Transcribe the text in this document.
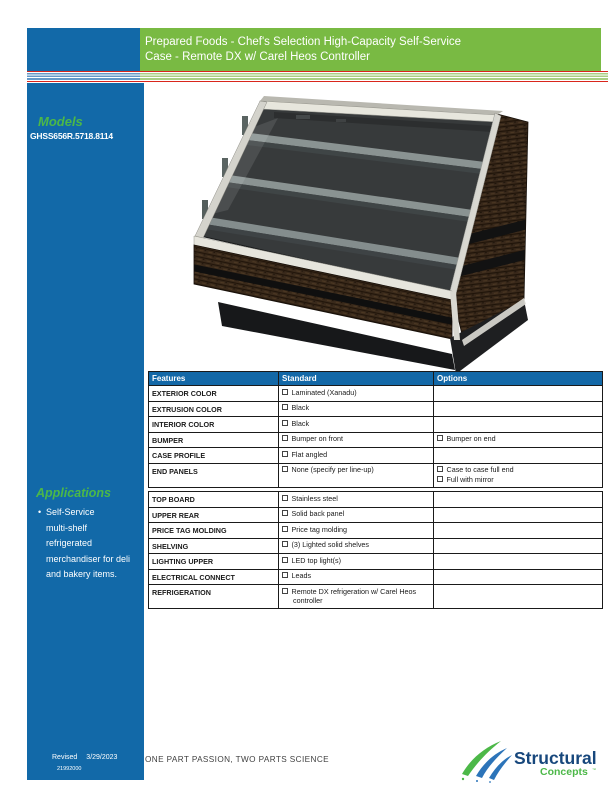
Prepared Foods - Chef's Selection High-Capacity Self-Service
Case - Remote DX w/ Carel Heos Controller
Models
GHSS656R.5718.8114
Applications
• Self-Service
multi-shelf
refrigerated
merchandiser for deli
and bakery items.
Features	Standard	Options
EXTERIOR COLOR	Laminated (Xanadu)	

EXTRUSION COLOR	Black	

INTERIOR COLOR	Black	

BUMPER	Bumper on front	Bumper on end

CASE PROFILE	Flat angled	

END PANELS	None (specify per line-up)	Case to case full end
Full with mirror
TOP BOARD	Stainless steel	

UPPER REAR	Solid back panel	

PRICE TAG MOLDING	Price tag molding	

SHELVING	(3) Lighted solid shelves	

LIGHTING UPPER	LED top light(s)	

ELECTRICAL CONNECT	Leads	

REFRIGERATION	Remote DX refrigeration w/ Carel Heos controller	

Revised 3/29/2023
21992000
ONE PART PASSION, TWO PARTS SCIENCE	Structural
Concepts ™
